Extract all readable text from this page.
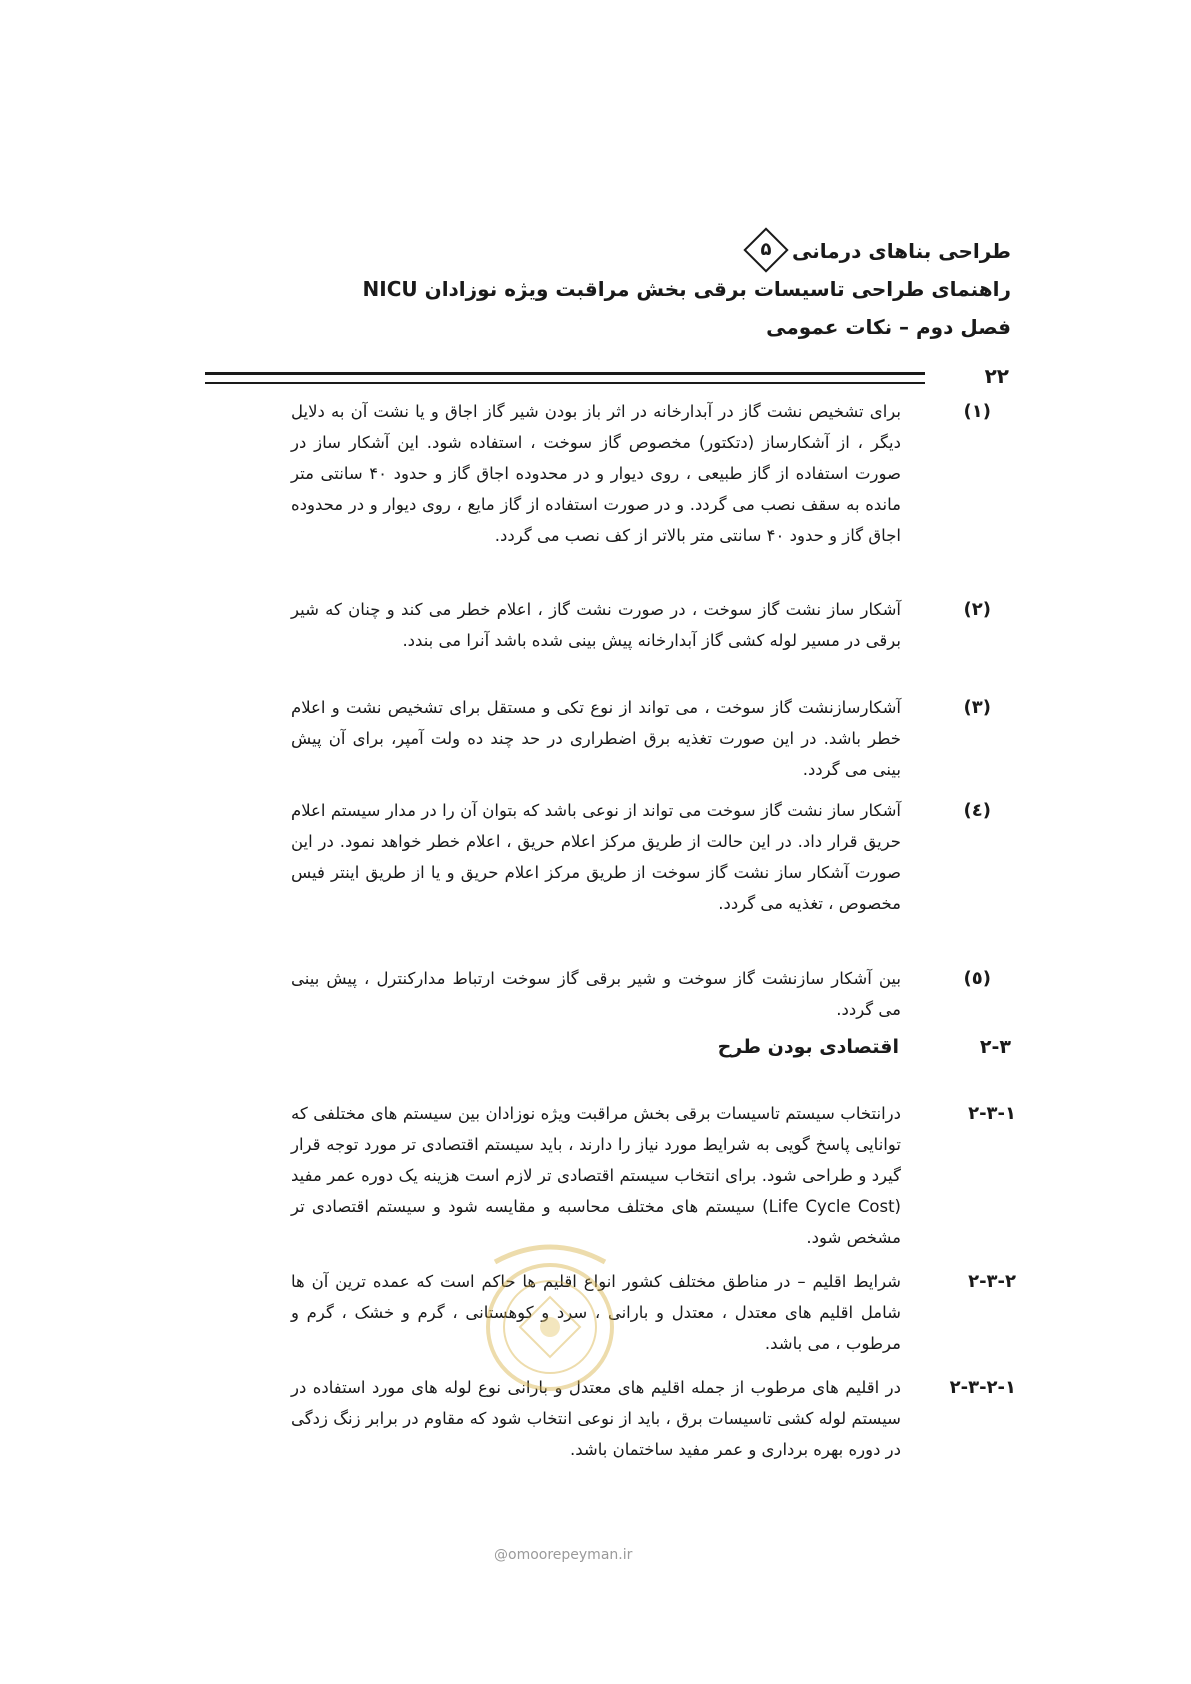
طراحی بناهای درمانی
۵
راهنمای طراحی تاسیسات برقی بخش مراقبت ویژه نوزادان NICU
فصل دوم – نکات عمومی
۲۲
(۱)
برای تشخیص نشت گاز در آبدارخانه در اثر باز بودن شیر گاز اجاق و یا نشت آن به دلایل دیگر ، از آشکارساز (دتکتور) مخصوص گاز سوخت ، استفاده شود. این آشکار ساز در صورت استفاده از گاز طبیعی ، روی دیوار و در محدوده اجاق گاز و حدود ۴۰ سانتی متر مانده به سقف نصب می گردد. و در صورت استفاده از گاز مایع ، روی دیوار و در محدوده اجاق گاز و حدود ۴۰ سانتی متر بالاتر از کف نصب می گردد.
(۲)
آشکار ساز نشت گاز سوخت ، در صورت نشت گاز ، اعلام خطر می کند و چنان که شیر برقی در مسیر لوله کشی گاز آبدارخانه پیش بینی شده باشد آنرا می بندد.
(۳)
آشکارسازنشت گاز سوخت ، می تواند از نوع تکی و مستقل برای تشخیص نشت و اعلام خطر باشد. در این صورت تغذیه برق اضطراری در حد چند ده ولت آمپر، برای آن پیش بینی می گردد.
(٤)
آشکار ساز نشت گاز سوخت می تواند از نوعی باشد که بتوان آن را در مدار سیستم اعلام حریق قرار داد. در این حالت از طریق مرکز اعلام حریق ، اعلام خطر خواهد نمود. در این صورت آشکار ساز نشت گاز سوخت از طریق مرکز اعلام حریق و یا از طریق اینتر فیس مخصوص ، تغذیه می گردد.
(٥)
بین آشکار سازنشت گاز سوخت و شیر برقی گاز سوخت ارتباط مدارکنترل ، پیش بینی می گردد.
۲-۳
اقتصادی بودن طرح
۲-۳-۱
درانتخاب سیستم تاسیسات برقی بخش مراقبت ویژه نوزادان بین سیستم های مختلفی که توانایی پاسخ گویی به شرایط مورد نیاز را دارند ، باید سیستم اقتصادی تر مورد توجه قرار گیرد و طراحی شود. برای انتخاب سیستم اقتصادی تر لازم است هزینه یک دوره عمر مفید (Life Cycle Cost) سیستم های مختلف محاسبه و مقایسه شود و سیستم اقتصادی تر مشخص شود.
۲-۳-۲
شرایط اقلیم – در مناطق مختلف کشور انواع اقلیم ها حاکم است که عمده ترین آن ها شامل اقلیم های معتدل ، معتدل و بارانی ، سرد و کوهستانی ، گرم و خشک ، گرم و مرطوب ، می باشد.
۲-۳-۲-۱
در اقلیم های مرطوب از جمله اقلیم های معتدل و بارانی نوع لوله های مورد استفاده در سیستم لوله کشی تاسیسات برق ، باید از نوعی انتخاب شود که مقاوم در برابر زنگ زدگی در دوره بهره برداری و عمر مفید ساختمان باشد.
@omoorepeyman.ir
